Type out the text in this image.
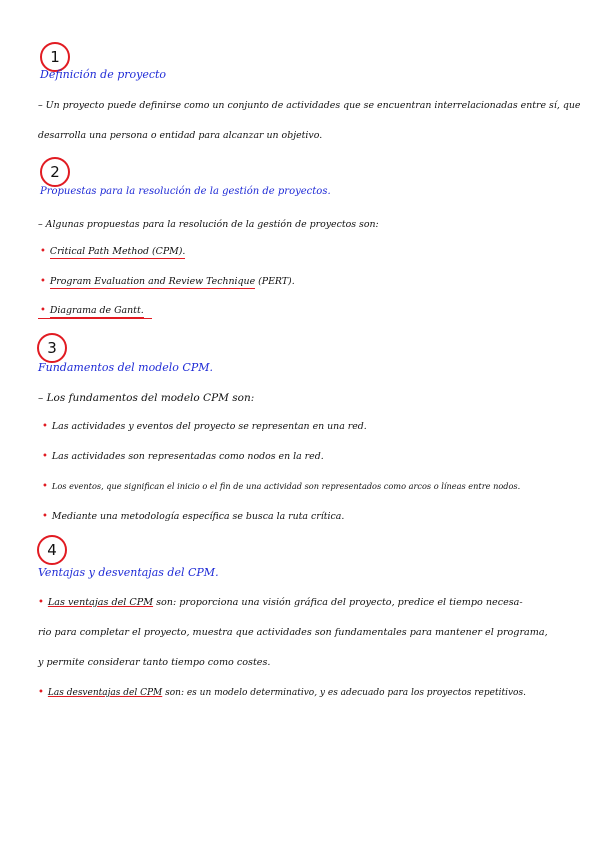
1
Definición de proyecto
– Un proyecto puede definirse como un conjunto de actividades que se encuentran interrelacionadas entre sí, que
desarrolla una persona o entidad para alcanzar un objetivo.
2
Propuestas para la resolución de la gestión de proyectos.
– Algunas propuestas para la resolución de la gestión de proyectos son:
• Critical Path Method (CPM).
• Program Evaluation and Review Technique (PERT).
• Diagrama de Gantt.
3
Fundamentos del modelo CPM.
– Los fundamentos del modelo CPM son:
• Las actividades y eventos del proyecto se representan en una red.
• Las actividades son representadas como nodos en la red.
• Los eventos, que significan el inicio o el fin de una actividad son representados como arcos o líneas entre nodos.
• Mediante una metodología específica se busca la ruta crítica.
4
Ventajas y desventajas del CPM.
• Las ventajas del CPM son: proporciona una visión gráfica del proyecto, predice el tiempo necesa-
rio para completar el proyecto, muestra que actividades son fundamentales para mantener el programa,
y permite considerar tanto tiempo como costes.
• Las desventajas del CPM son: es un modelo determinativo, y es adecuado para los proyectos repetitivos.
